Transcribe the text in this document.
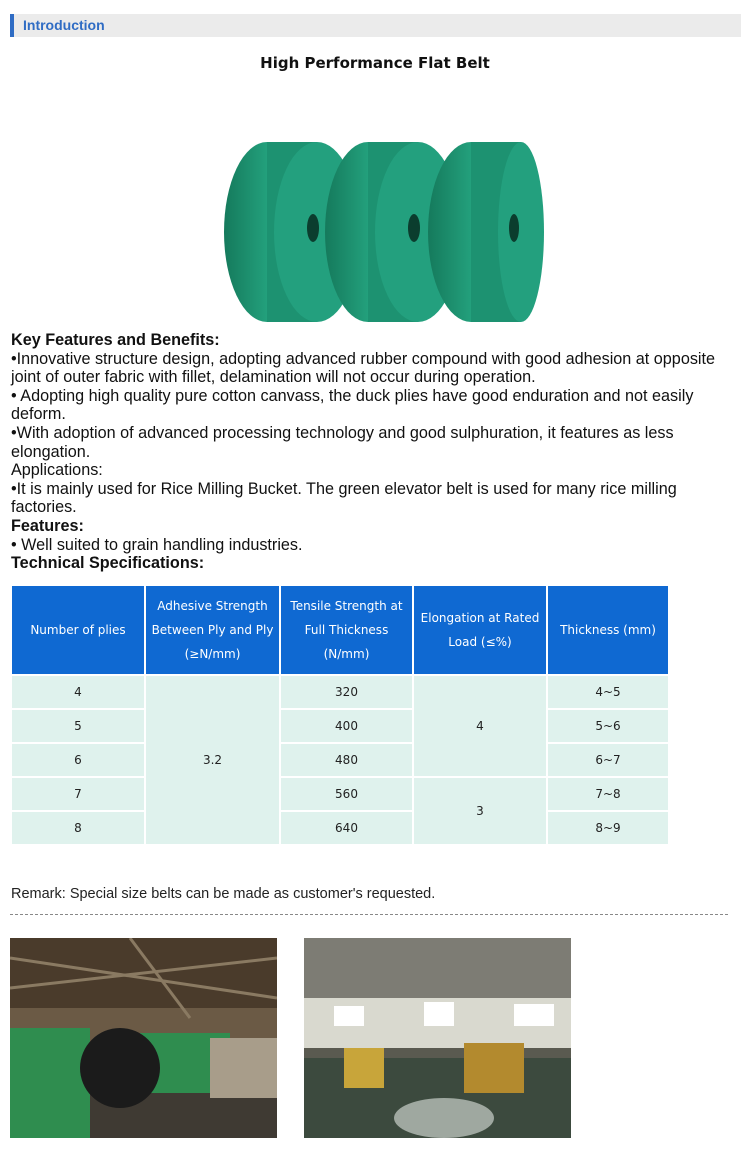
Introduction
High Performance Flat Belt

Key Features and Benefits:

•Innovative structure design, adopting advanced rubber compound with good adhesion at opposite joint of outer fabric with fillet, delamination will not occur during operation.

• Adopting high quality pure cotton canvass, the duck plies have good enduration and not easily deform.

•With adoption of advanced processing technology and good sulphuration, it features as less elongation.

Applications:

•It is mainly used for Rice Milling Bucket. The green elevator belt is used for many rice milling factories.

Features:

• Well suited to grain handling industries.

Technical Specifications:

Number of plies	Adhesive Strength Between Ply and Ply (≥N/mm)	Tensile Strength at Full Thickness (N/mm)	Elongation at Rated Load (≤%)	Thickness (mm)
4	3.2	320	4	4~5
5		400		5~6
6		480		6~7
7		560	3	7~8
8		640		8~9
Remark: Special size belts can be made as customer's requested.
